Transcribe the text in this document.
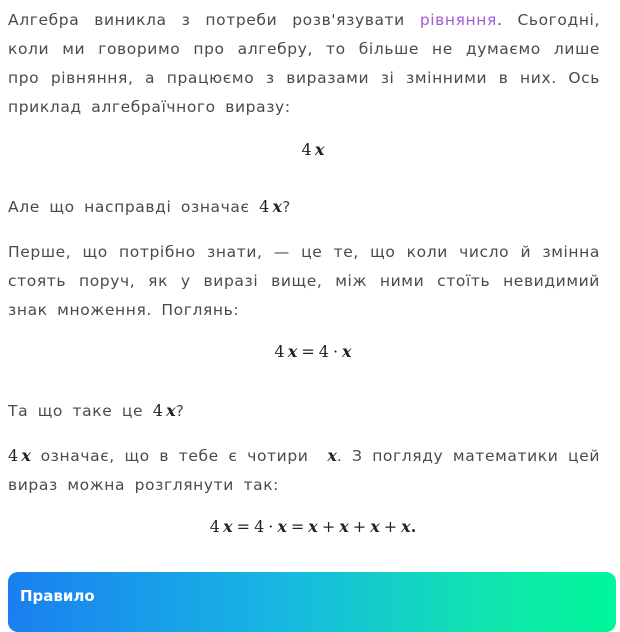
Алгебра виникла з потреби розв'язувати рівняння. Сьогодні, коли ми говоримо про алгебру, то більше не думаємо лише про рівняння, а працюємо з виразами зі змінними в них. Ось приклад алгебраїчного виразу:

4  x

Але що насправді означає 4  x?

Перше, що потрібно знати, — це те, що коли число й змінна стоять поруч, як у виразі вище, між ними стоїть невидимий знак множення. Поглянь:

4  x = 4 · x

Та що таке це 4  x?

4  x означає, що в тебе є чотири x. З погляду математики цей вираз можна розглянути так:

4  x = 4 · x = x + x + x + x.
Правило
